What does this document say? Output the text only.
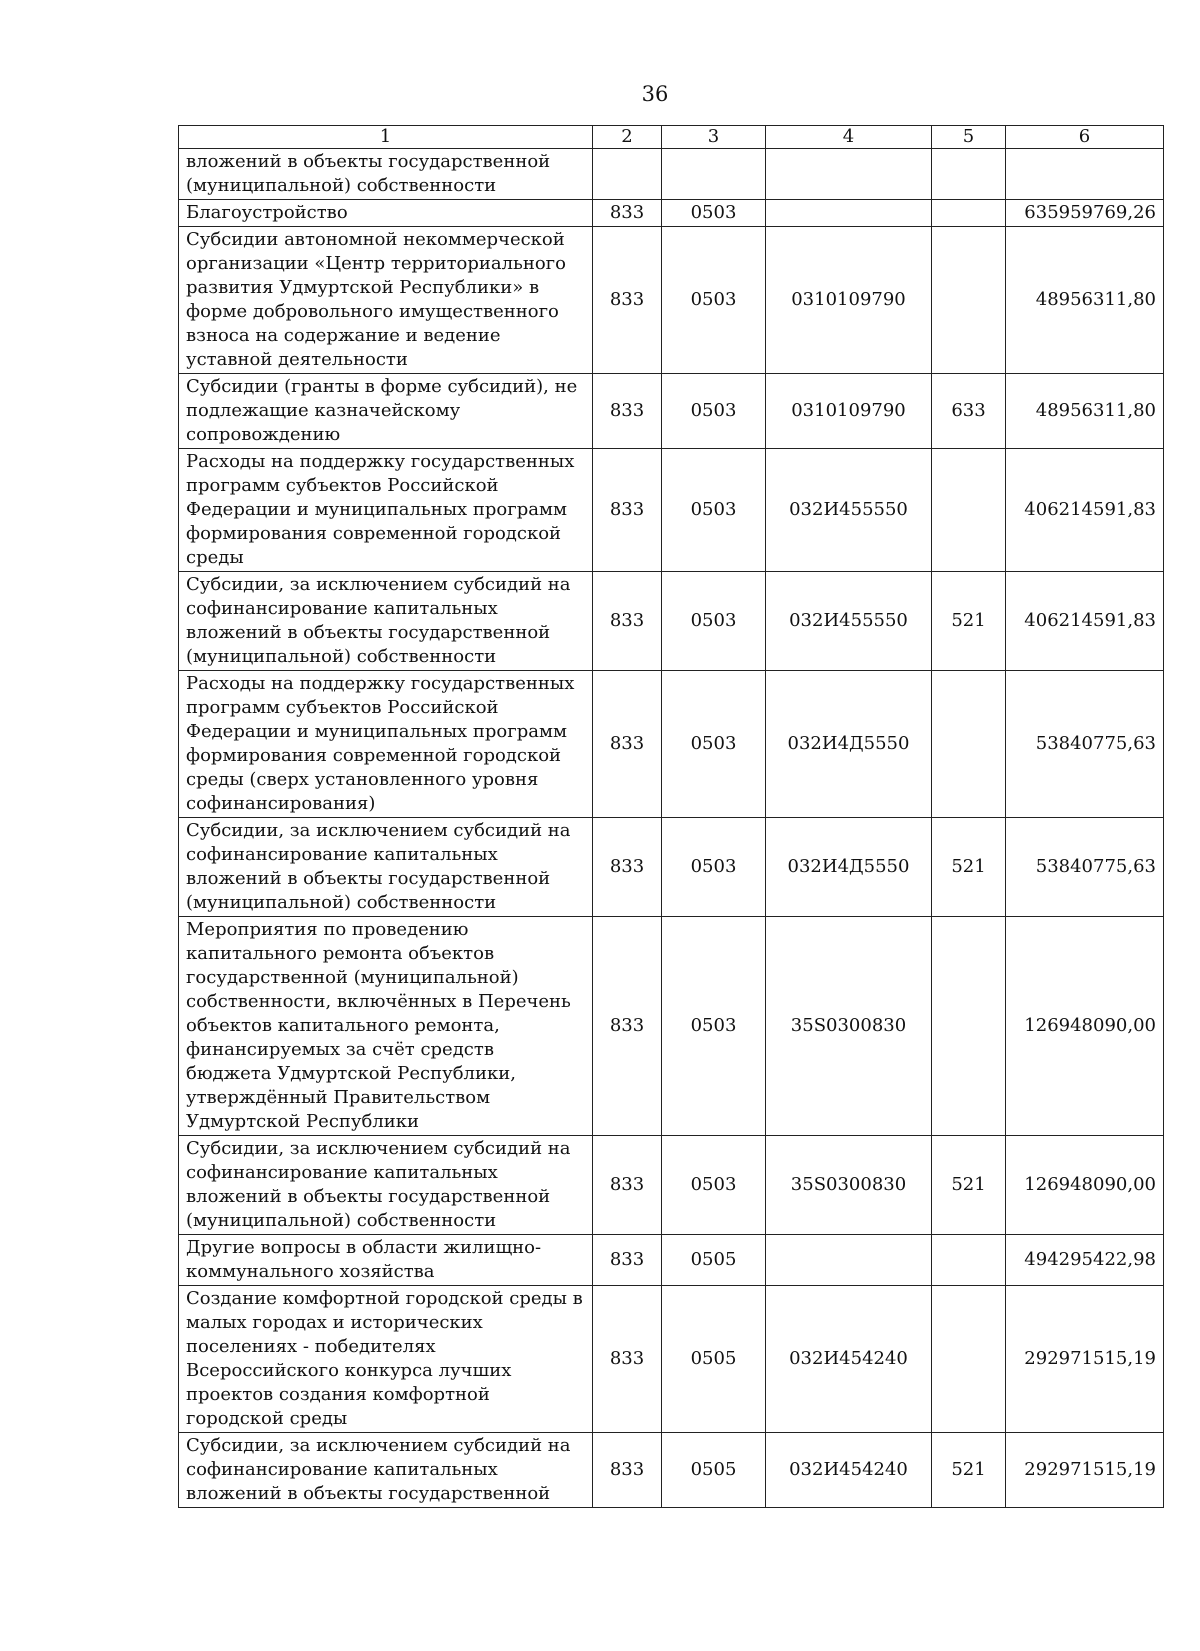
36
1	2	3	4	5	6
вложений в объекты государственной (муниципальной) собственности					
Благоустройство	833	0503			635959769,26
Субсидии автономной некоммерческой организации «Центр территориального развития Удмуртской Республики» в форме добровольного имущественного взноса на содержание и ведение уставной деятельности	833	0503	0310109790		48956311,80
Субсидии (гранты в форме субсидий), не подлежащие казначейскому сопровождению	833	0503	0310109790	633	48956311,80
Расходы на поддержку государственных программ субъектов Российской Федерации и муниципальных программ формирования современной городской среды	833	0503	032И455550		406214591,83
Субсидии, за исключением субсидий на софинансирование капитальных вложений в объекты государственной (муниципальной) собственности	833	0503	032И455550	521	406214591,83
Расходы на поддержку государственных программ субъектов Российской Федерации и муниципальных программ формирования современной городской среды (сверх установленного уровня софинансирования)	833	0503	032И4Д5550		53840775,63
Субсидии, за исключением субсидий на софинансирование капитальных вложений в объекты государственной (муниципальной) собственности	833	0503	032И4Д5550	521	53840775,63
Мероприятия по проведению капитального ремонта объектов государственной (муниципальной) собственности, включённых в Перечень объектов капитального ремонта, финансируемых за счёт средств бюджета Удмуртской Республики, утверждённый Правительством Удмуртской Республики	833	0503	35S0300830		126948090,00
Субсидии, за исключением субсидий на софинансирование капитальных вложений в объекты государственной (муниципальной) собственности	833	0503	35S0300830	521	126948090,00
Другие вопросы в области жилищно-коммунального хозяйства	833	0505			494295422,98
Создание комфортной городской среды в малых городах и исторических поселениях - победителях Всероссийского конкурса лучших проектов создания комфортной городской среды	833	0505	032И454240		292971515,19
Субсидии, за исключением субсидий на софинансирование капитальных вложений в объекты государственной	833	0505	032И454240	521	292971515,19
